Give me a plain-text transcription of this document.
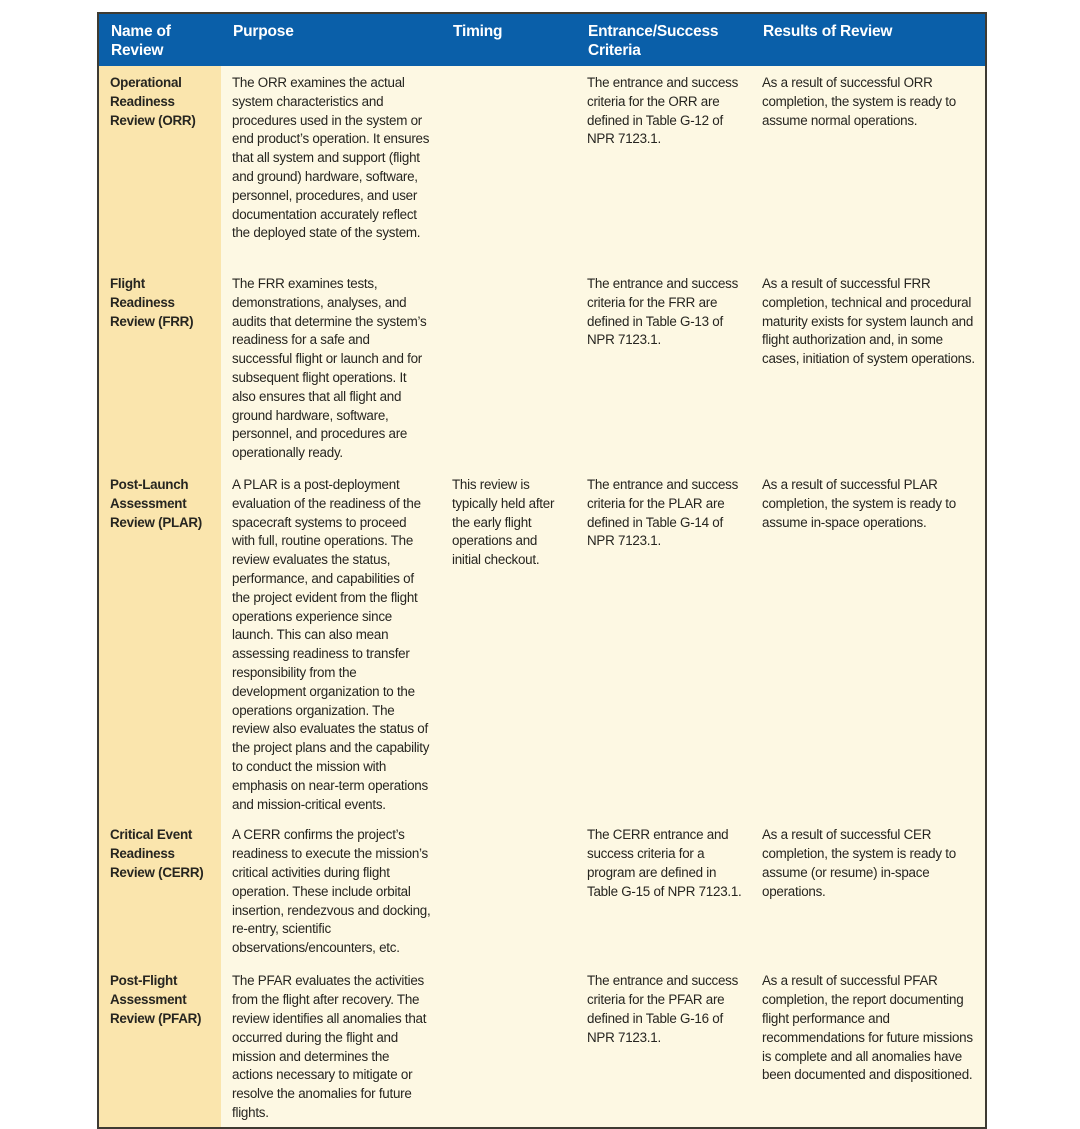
Name of Review	Purpose	Timing	Entrance/Success Criteria	Results of Review
Operational Readiness Review (ORR)	The ORR examines the actual system characteristics and procedures used in the system or end product’s operation. It ensures that all system and support (flight and ground) hardware, software, personnel, procedures, and user documentation accurately reflect the deployed state of the system.		The entrance and success criteria for the ORR are defined in Table G-12 of NPR 7123.1.	As a result of successful ORR completion, the system is ready to assume normal operations.
Flight Readiness Review (FRR)	The FRR examines tests, demonstrations, analyses, and audits that determine the system’s readiness for a safe and successful flight or launch and for subsequent flight operations. It also ensures that all flight and ground hardware, software, personnel, and procedures are operationally ready.		The entrance and success criteria for the FRR are defined in Table G-13 of NPR 7123.1.	As a result of successful FRR completion, technical and procedural maturity exists for system launch and flight authorization and, in some cases, initiation of system operations.
Post-Launch Assessment Review (PLAR)	A PLAR is a post-deployment evaluation of the readiness of the spacecraft systems to proceed with full, routine operations. The review evaluates the status, performance, and capabilities of the project evident from the flight operations experience since launch. This can also mean assessing readiness to transfer responsibility from the development organization to the operations organization. The review also evaluates the status of the project plans and the capability to conduct the mission with emphasis on near-term operations and mission-critical events.	This review is typically held after the early flight operations and initial checkout.	The entrance and success criteria for the PLAR are defined in Table G-14 of NPR 7123.1.	As a result of successful PLAR completion, the system is ready to assume in-space operations.
Critical Event Readiness Review (CERR)	A CERR confirms the project’s readiness to execute the mission’s critical activities during flight operation. These include orbital insertion, rendezvous and docking, re-entry, scientific observations/encounters, etc.		The CERR entrance and success criteria for a program are defined in Table G-15 of NPR 7123.1.	As a result of successful CER completion, the system is ready to assume (or resume) in-space operations.
Post-Flight Assessment Review (PFAR)	The PFAR evaluates the activities from the flight after recovery. The review identifies all anomalies that occurred during the flight and mission and determines the actions necessary to mitigate or resolve the anomalies for future flights.		The entrance and success criteria for the PFAR are defined in Table G-16 of NPR 7123.1.	As a result of successful PFAR completion, the report documenting flight performance and recommendations for future missions is complete and all anomalies have been documented and dispositioned.
